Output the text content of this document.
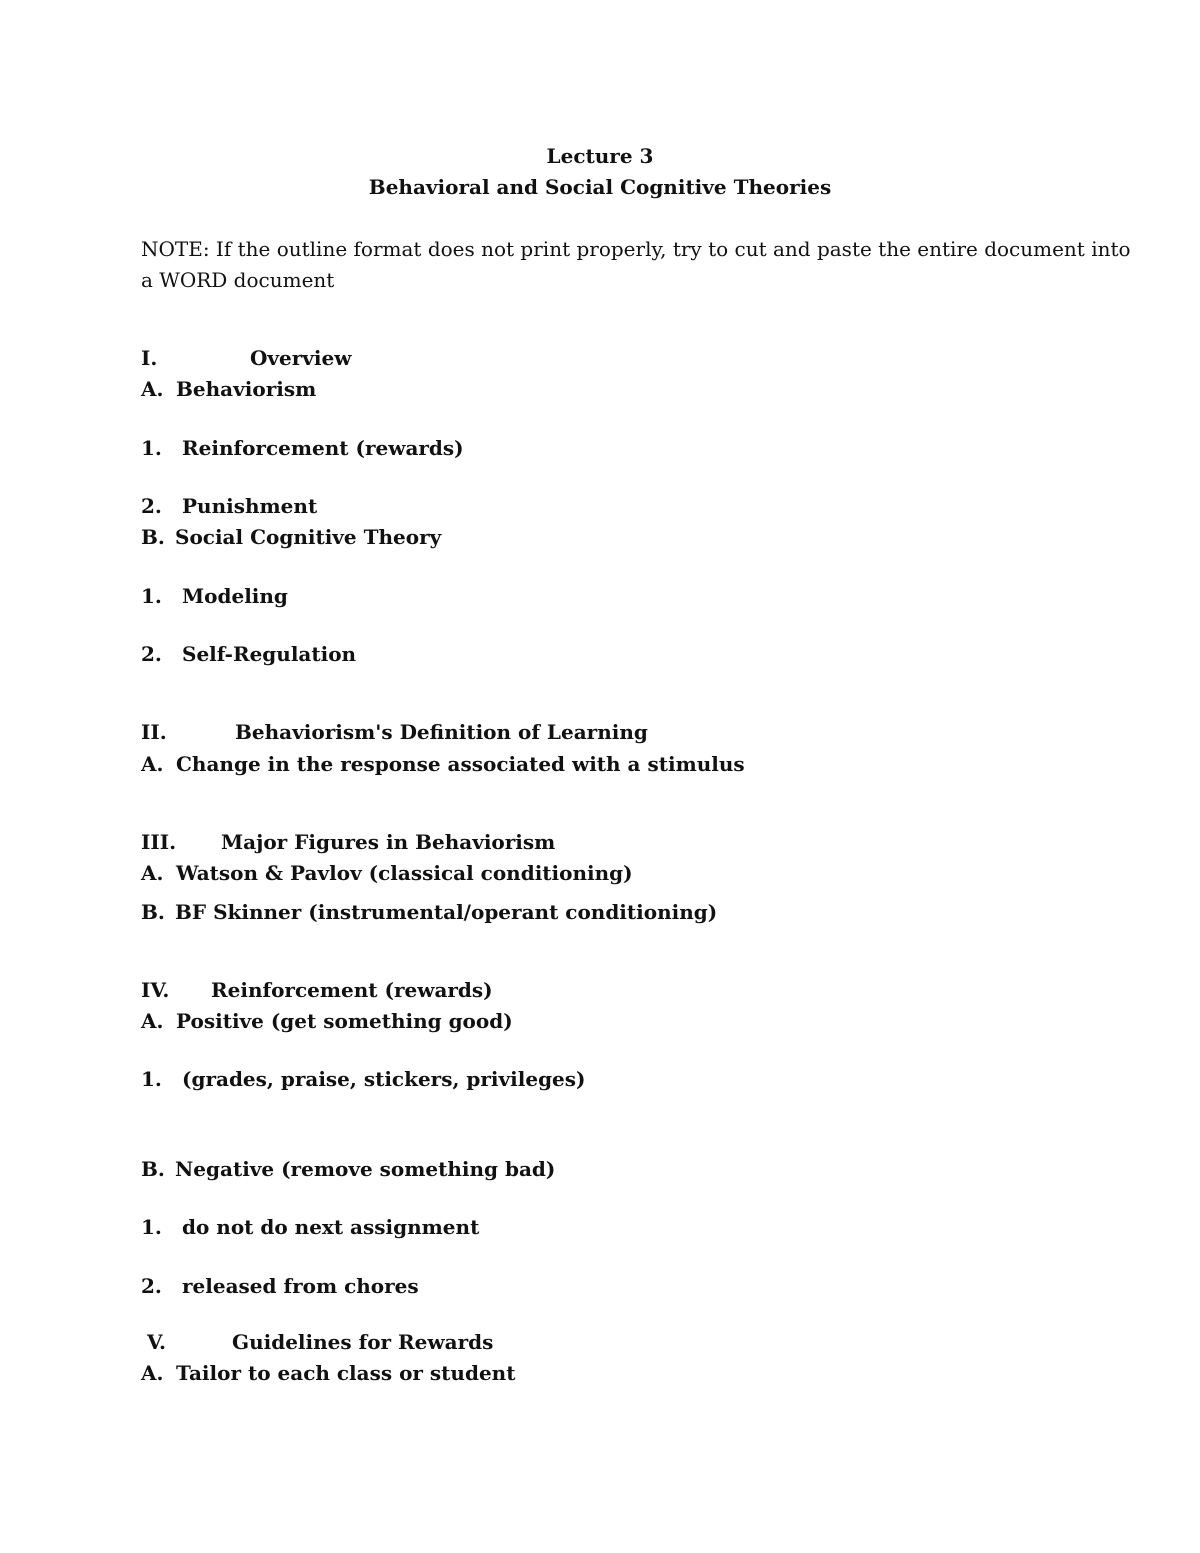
Lecture 3
Behavioral and Social Cognitive Theories
NOTE: If the outline format does not print properly, try to cut and paste the entire document into
a WORD document
I.	Overview
A. Behaviorism
1. Reinforcement (rewards)
2. Punishment
B. Social Cognitive Theory
1. Modeling
2. Self-Regulation
II.	Behaviorism's Definition of Learning
A. Change in the response associated with a stimulus
III. Major Figures in Behaviorism
A. Watson & Pavlov (classical conditioning)
B. BF Skinner (instrumental/operant conditioning)
IV. Reinforcement (rewards)
A. Positive (get something good)
1. (grades, praise, stickers, privileges)
B. Negative (remove something bad)
1. do not do next assignment
2. released from chores
V.	Guidelines for Rewards
A. Tailor to each class or student
